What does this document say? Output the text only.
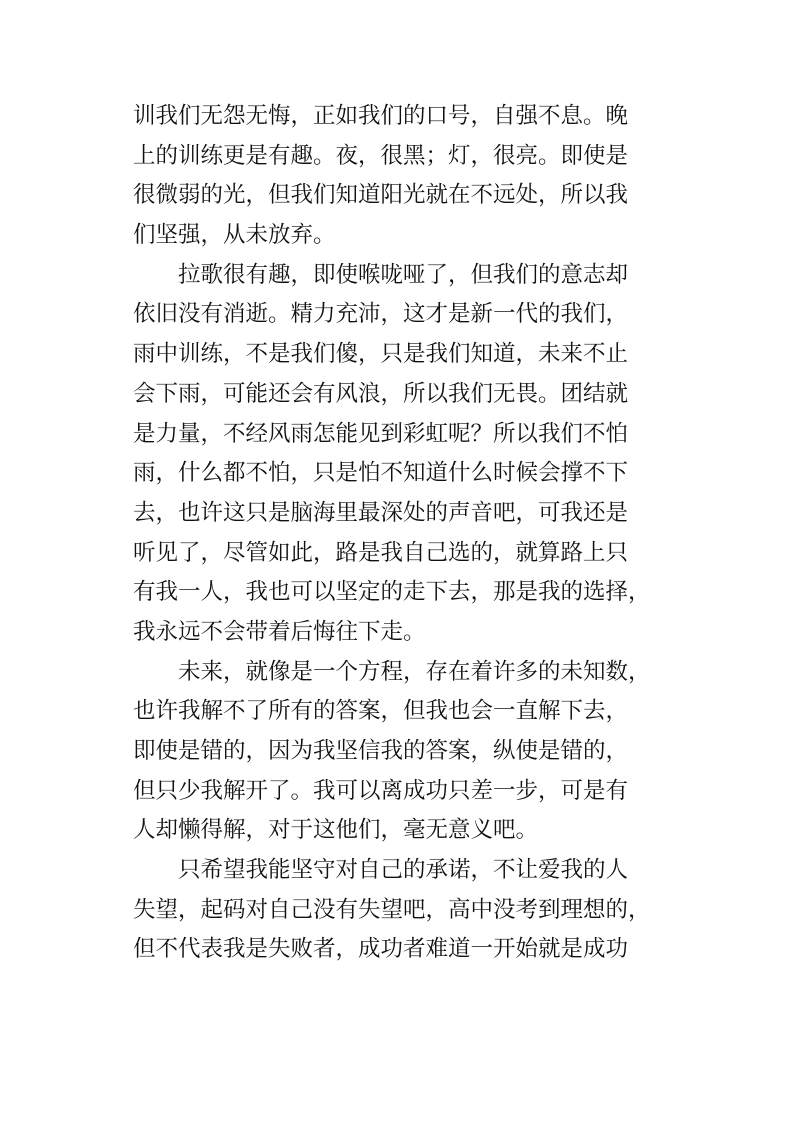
训我们无怨无悔，正如我们的口号，自强不息。晚
上的训练更是有趣。夜，很黑；灯，很亮。即使是
很微弱的光，但我们知道阳光就在不远处，所以我
们坚强，从未放弃。
拉歌很有趣，即使喉咙哑了，但我们的意志却
依旧没有消逝。精力充沛，这才是新一代的我们，
雨中训练，不是我们傻，只是我们知道，未来不止
会下雨，可能还会有风浪，所以我们无畏。团结就
是力量，不经风雨怎能见到彩虹呢？所以我们不怕
雨，什么都不怕，只是怕不知道什么时候会撑不下
去，也许这只是脑海里最深处的声音吧，可我还是
听见了，尽管如此，路是我自己选的，就算路上只
有我一人，我也可以坚定的走下去，那是我的选择，
我永远不会带着后悔往下走。
未来，就像是一个方程，存在着许多的未知数，
也许我解不了所有的答案，但我也会一直解下去，
即使是错的，因为我坚信我的答案，纵使是错的，
但只少我解开了。我可以离成功只差一步，可是有
人却懒得解，对于这他们，毫无意义吧。
只希望我能坚守对自己的承诺，不让爱我的人
失望，起码对自己没有失望吧，高中没考到理想的，
但不代表我是失败者，成功者难道一开始就是成功
